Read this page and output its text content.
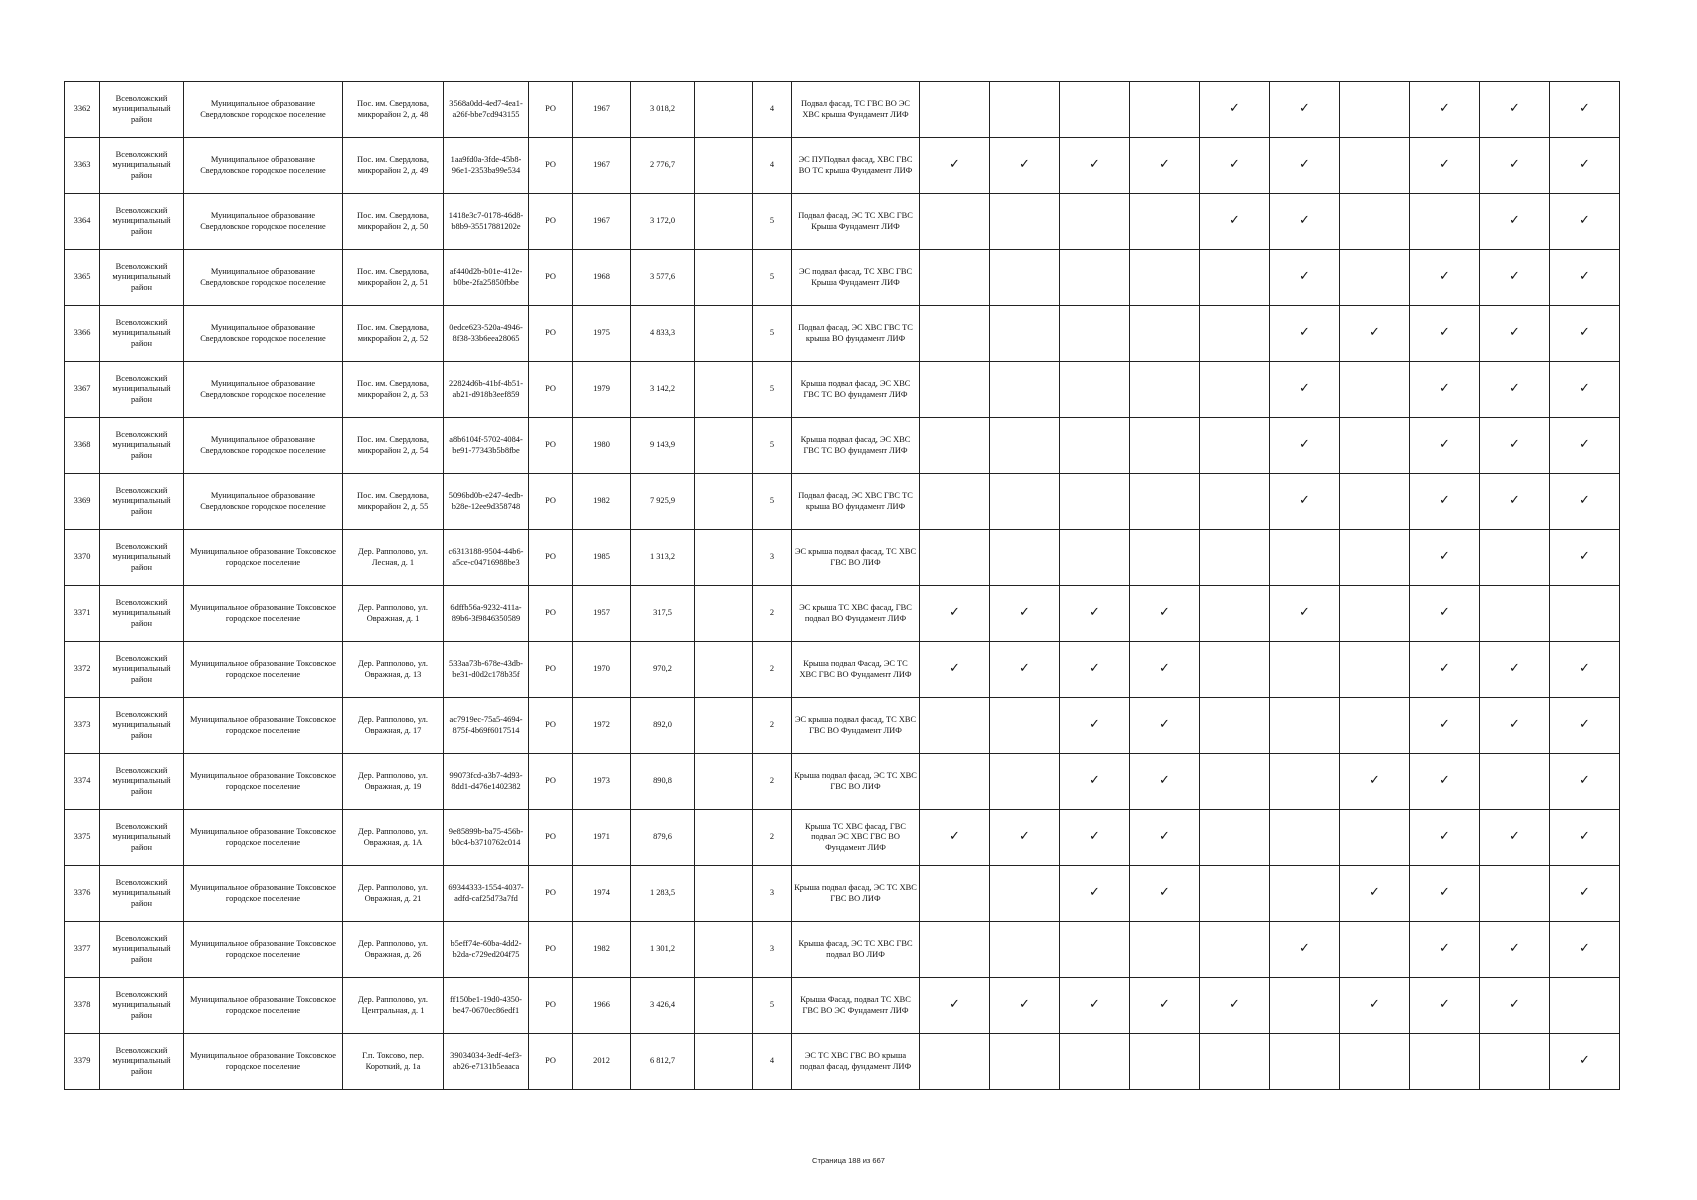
3362	Всеволожский муниципальный район	Муниципальное образование Свердловское городское поселение	Пос. им. Свердлова, микрорайон 2, д. 48	3568a0dd-4ed7-4ea1-a26f-bbe7cd943155	РО	1967	3 018,2		4	Подвал фасад, ТС ГВС ВО ЭС ХВС крыша Фундамент ЛИФ					✓	✓		✓	✓	✓
3363	Всеволожский муниципальный район	Муниципальное образование Свердловское городское поселение	Пос. им. Свердлова, микрорайон 2, д. 49	1aa9fd0a-3fde-45b8-96e1-2353ba99e534	РО	1967	2 776,7		4	ЭС ПУПодвал фасад, ХВС ГВС ВО ТС крыша Фундамент ЛИФ	✓	✓	✓	✓	✓	✓		✓	✓	✓
3364	Всеволожский муниципальный район	Муниципальное образование Свердловское городское поселение	Пос. им. Свердлова, микрорайон 2, д. 50	1418e3c7-0178-46d8-b8b9-35517881202e	РО	1967	3 172,0		5	Подвал фасад, ЭС ТС ХВС ГВС Крыша Фундамент ЛИФ					✓	✓			✓	✓
3365	Всеволожский муниципальный район	Муниципальное образование Свердловское городское поселение	Пос. им. Свердлова, микрорайон 2, д. 51	af440d2b-b01e-412e-b0be-2fa25850fbbe	РО	1968	3 577,6		5	ЭС подвал фасад, ТС ХВС ГВС Крыша Фундамент ЛИФ						✓		✓	✓	✓
3366	Всеволожский муниципальный район	Муниципальное образование Свердловское городское поселение	Пос. им. Свердлова, микрорайон 2, д. 52	0edce623-520a-4946-8f38-33b6eea28065	РО	1975	4 833,3		5	Подвал фасад, ЭС ХВС ГВС ТС крыша ВО фундамент ЛИФ						✓	✓	✓	✓	✓
3367	Всеволожский муниципальный район	Муниципальное образование Свердловское городское поселение	Пос. им. Свердлова, микрорайон 2, д. 53	22824d6b-41bf-4b51-ab21-d918b3eef859	РО	1979	3 142,2		5	Крыша подвал фасад, ЭС ХВС ГВС ТС ВО фундамент ЛИФ						✓		✓	✓	✓
3368	Всеволожский муниципальный район	Муниципальное образование Свердловское городское поселение	Пос. им. Свердлова, микрорайон 2, д. 54	a8b6104f-5702-4084-be91-77343b5b8fbe	РО	1980	9 143,9		5	Крыша подвал фасад, ЭС ХВС ГВС ТС ВО фундамент ЛИФ						✓		✓	✓	✓
3369	Всеволожский муниципальный район	Муниципальное образование Свердловское городское поселение	Пос. им. Свердлова, микрорайон 2, д. 55	5096bd0b-e247-4edb-b28e-12ee9d358748	РО	1982	7 925,9		5	Подвал фасад, ЭС ХВС ГВС ТС крыша ВО фундамент ЛИФ						✓		✓	✓	✓
3370	Всеволожский муниципальный район	Муниципальное образование Токсовское городское поселение	Дер. Рапполово, ул. Лесная, д. 1	c6313188-9504-44b6-a5ce-c04716988be3	РО	1985	1 313,2		3	ЭС крыша подвал фасад, ТС ХВС ГВС ВО ЛИФ								✓		✓
3371	Всеволожский муниципальный район	Муниципальное образование Токсовское городское поселение	Дер. Рапполово, ул. Овражная, д. 1	6dffb56a-9232-411a-89b6-3f9846350589	РО	1957	317,5		2	ЭС крыша ТС ХВС фасад, ГВС подвал ВО Фундамент ЛИФ	✓	✓	✓	✓		✓		✓		
3372	Всеволожский муниципальный район	Муниципальное образование Токсовское городское поселение	Дер. Рапполово, ул. Овражная, д. 13	533aa73b-678e-43db-be31-d0d2c178b35f	РО	1970	970,2		2	Крыша подвал Фасад, ЭС ТС ХВС ГВС ВО Фундамент ЛИФ	✓	✓	✓	✓				✓	✓	✓
3373	Всеволожский муниципальный район	Муниципальное образование Токсовское городское поселение	Дер. Рапполово, ул. Овражная, д. 17	ac7919ec-75a5-4694-875f-4b69f6017514	РО	1972	892,0		2	ЭС крыша подвал фасад, ТС ХВС ГВС ВО Фундамент ЛИФ			✓	✓				✓	✓	✓
3374	Всеволожский муниципальный район	Муниципальное образование Токсовское городское поселение	Дер. Рапполово, ул. Овражная, д. 19	99073fcd-a3b7-4d93-8dd1-d476e1402382	РО	1973	890,8		2	Крыша подвал фасад, ЭС ТС ХВС ГВС ВО ЛИФ			✓	✓			✓	✓		✓
3375	Всеволожский муниципальный район	Муниципальное образование Токсовское городское поселение	Дер. Рапполово, ул. Овражная, д. 1А	9e85899b-ba75-456b-b0c4-b3710762c014	РО	1971	879,6		2	Крыша ТС ХВС фасад, ГВС подвал ЭС ХВС ГВС ВО Фундамент ЛИФ	✓	✓	✓	✓				✓	✓	✓
3376	Всеволожский муниципальный район	Муниципальное образование Токсовское городское поселение	Дер. Рапполово, ул. Овражная, д. 21	69344333-1554-4037-adfd-caf25d73a7fd	РО	1974	1 283,5		3	Крыша подвал фасад, ЭС ТС ХВС ГВС ВО ЛИФ			✓	✓			✓	✓		✓
3377	Всеволожский муниципальный район	Муниципальное образование Токсовское городское поселение	Дер. Рапполово, ул. Овражная, д. 26	b5eff74e-60ba-4dd2-b2da-c729ed204f75	РО	1982	1 301,2		3	Крыша фасад, ЭС ТС ХВС ГВС подвал ВО ЛИФ						✓		✓	✓	✓
3378	Всеволожский муниципальный район	Муниципальное образование Токсовское городское поселение	Дер. Рапполово, ул. Центральная, д. 1	ff150be1-19d0-4350-be47-0670ec86edf1	РО	1966	3 426,4		5	Крыша Фасад, подвал ТС ХВС ГВС ВО ЭС Фундамент ЛИФ	✓	✓	✓	✓	✓		✓	✓	✓	
3379	Всеволожский муниципальный район	Муниципальное образование Токсовское городское поселение	Г.п. Токсово, пер. Короткий, д. 1а	39034034-3edf-4ef3-ab26-e7131b5eaaca	РО	2012	6 812,7		4	ЭС ТС ХВС ГВС ВО крыша подвал фасад, фундамент ЛИФ										✓
Страница 188 из 667
